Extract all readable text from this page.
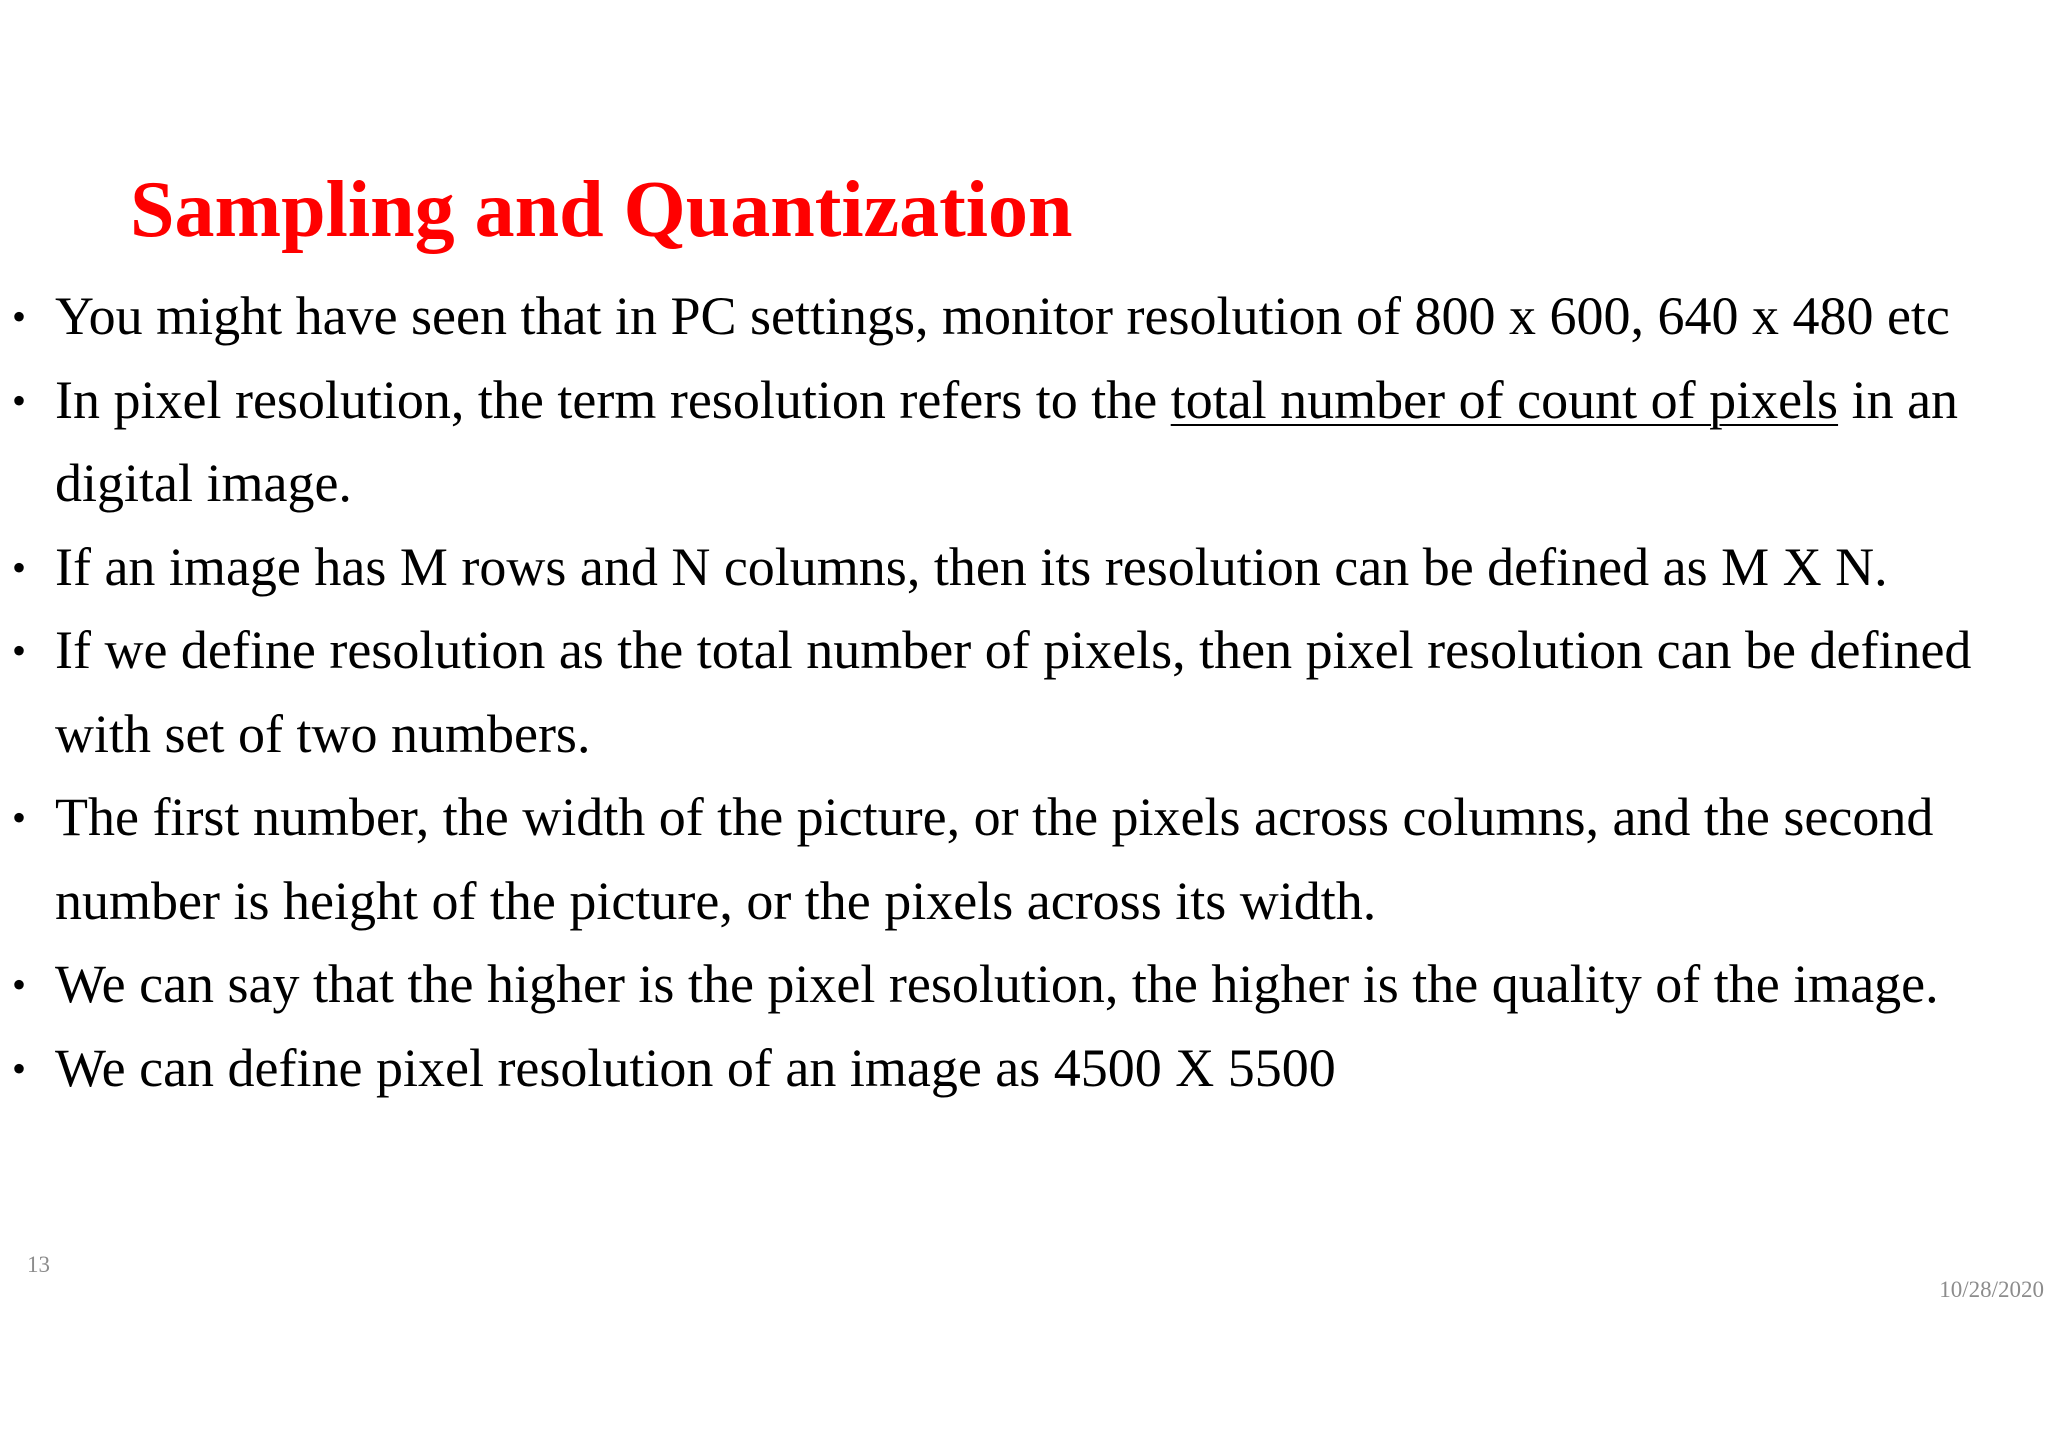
Sampling and Quantization
• You might have seen that in PC settings, monitor resolution of 800 x 600, 640 x 480 etc
• In pixel resolution, the term resolution refers to the total number of count of pixels in an digital image.
• If an image has M rows and N columns, then its resolution can be defined as M X N.
• If we define resolution as the total number of pixels, then pixel resolution can be defined with set of two numbers.
• The first number, the width of the picture, or the pixels across columns, and the second number is height of the picture, or the pixels across its width.
• We can say that the higher is the pixel resolution, the higher is the quality of the image.
• We can define pixel resolution of an image as 4500 X 5500
13
10/28/2020
